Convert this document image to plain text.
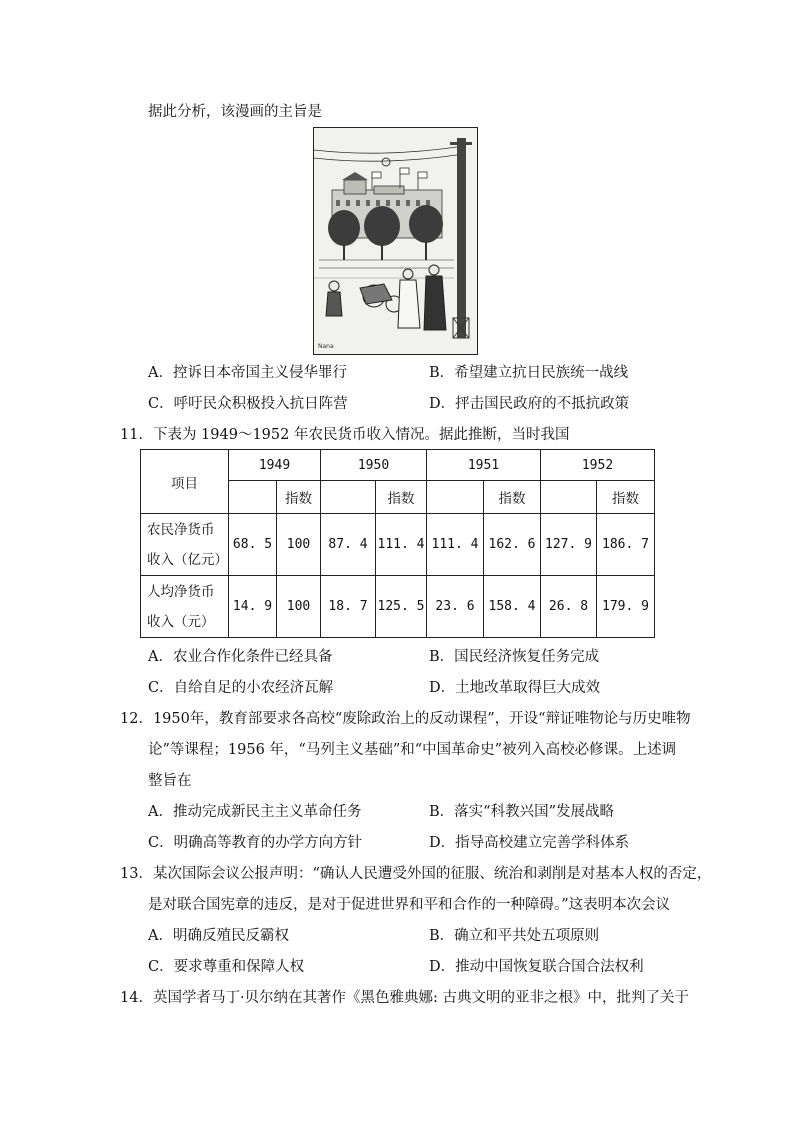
据此分析，该漫画的主旨是
Nana
A．控诉日本帝国主义侵华罪行	B．希望建立抗日民族统一战线
C．呼吁民众积极投入抗日阵营	D．抨击国民政府的不抵抗政策
11．下表为 1949～1952 年农民货币收入情况。据此推断，当时我国
项目	1949		1950		1951		1952	
		指数		指数		指数		指数

农民净货币
收入（亿元）	68. 5	100	87. 4	111. 4	111. 4	162. 6	127. 9	186. 7

人均净货币
收入（元）	14. 9	100	18. 7	125. 5	23. 6	158. 4	26. 8	179. 9
A．农业合作化条件已经具备	B．国民经济恢复任务完成
C．自给自足的小农经济瓦解	D．土地改革取得巨大成效
12．1950年，教育部要求各高校“废除政治上的反动课程”，开设“辩证唯物论与历史唯物
论”等课程；1956 年，“马列主义基础”和“中国革命史”被列入高校必修课。上述调
整旨在
A．推动完成新民主主义革命任务	B．落实“科教兴国”发展战略
C．明确高等教育的办学方向方针	D．指导高校建立完善学科体系
13．某次国际会议公报声明：“确认人民遭受外国的征服、统治和剥削是对基本人权的否定，
是对联合国宪章的违反，是对于促进世界和平和合作的一种障碍。”这表明本次会议
A．明确反殖民反霸权	B．确立和平共处五项原则
C．要求尊重和保障人权	D．推动中国恢复联合国合法权利
14．英国学者马丁·贝尔纳在其著作《黑色雅典娜: 古典文明的亚非之根》中，批判了关于
